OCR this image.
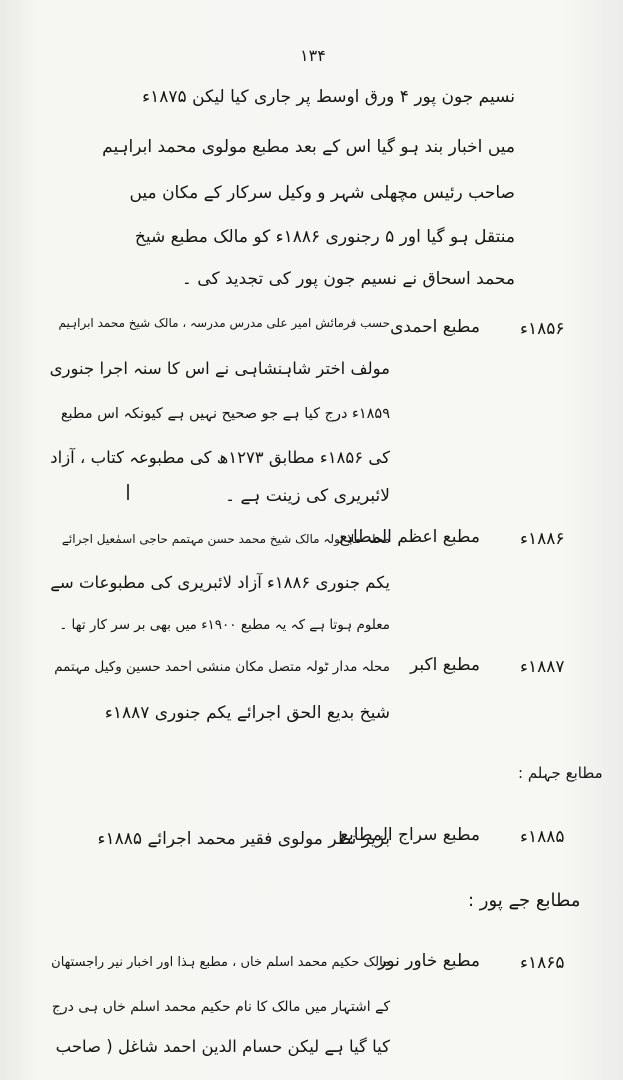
۱۳۴
نسیم جون پور ۴ ورق اوسط پر جاری کیا لیکن ۱۸۷۵ء
میں اخبار بند ہو گیا اس کے بعد مطبع مولوی محمد ابراہیم
صاحب رئیس مچھلی شہر و وکیل سرکار کے مکان میں
منتقل ہو گیا اور ۵ رجنوری ۱۸۸۶ء کو مالک مطبع شیخ
محمد اسحاق نے نسیم جون پور کی تجدید کی ۔
۱۸۵۶ء
مطبع احمدی
حسب فرمائش امیر علی مدرس مدرسہ ، مالک شیخ محمد ابراہیم
مولف اختر شاہنشاہی نے اس کا سنہ اجرا جنوری
۱۸۵۹ء درج کیا ہے جو صحیح نہیں ہے کیونکہ اس مطبع
کی ۱۸۵۶ء مطابق ۱۲۷۳ھ کی مطبوعہ کتاب ، آزاد
لائبریری کی زینت ہے ۔
۱۸۸۶ء
مطبع اعظم المطابع
محلہ ملا ٹولہ مالک شیخ محمد حسن مہتمم حاجی اسمٰعیل اجرائے
یکم جنوری ۱۸۸۶ء آزاد لائبریری کی مطبوعات سے
معلوم ہوتا ہے کہ یہ مطبع ۱۹۰۰ء میں بھی بر سر کار تھا ۔
۱۸۸۷ء
مطبع اکبر
محلہ مدار ٹولہ متصل مکان منشی احمد حسین وکیل مہتمم
شیخ بدیع الحق اجرائے یکم جنوری ۱۸۸۷ء
مطابع جہلم :
۱۸۸۵ء
مطبع سراج المطابع
بزیر نظر مولوی فقیر محمد اجرائے ۱۸۸۵ء
مطابع جے پور :
۱۸۶۵ء
مطبع خاور نور
مالک حکیم محمد اسلم خاں ، مطبع ہذا اور اخبار نیر راجستھان
کے اشتہار میں مالک کا نام حکیم محمد اسلم خاں ہی درج
کیا گیا ہے لیکن حسام الدین احمد شاغل ( صاحب
